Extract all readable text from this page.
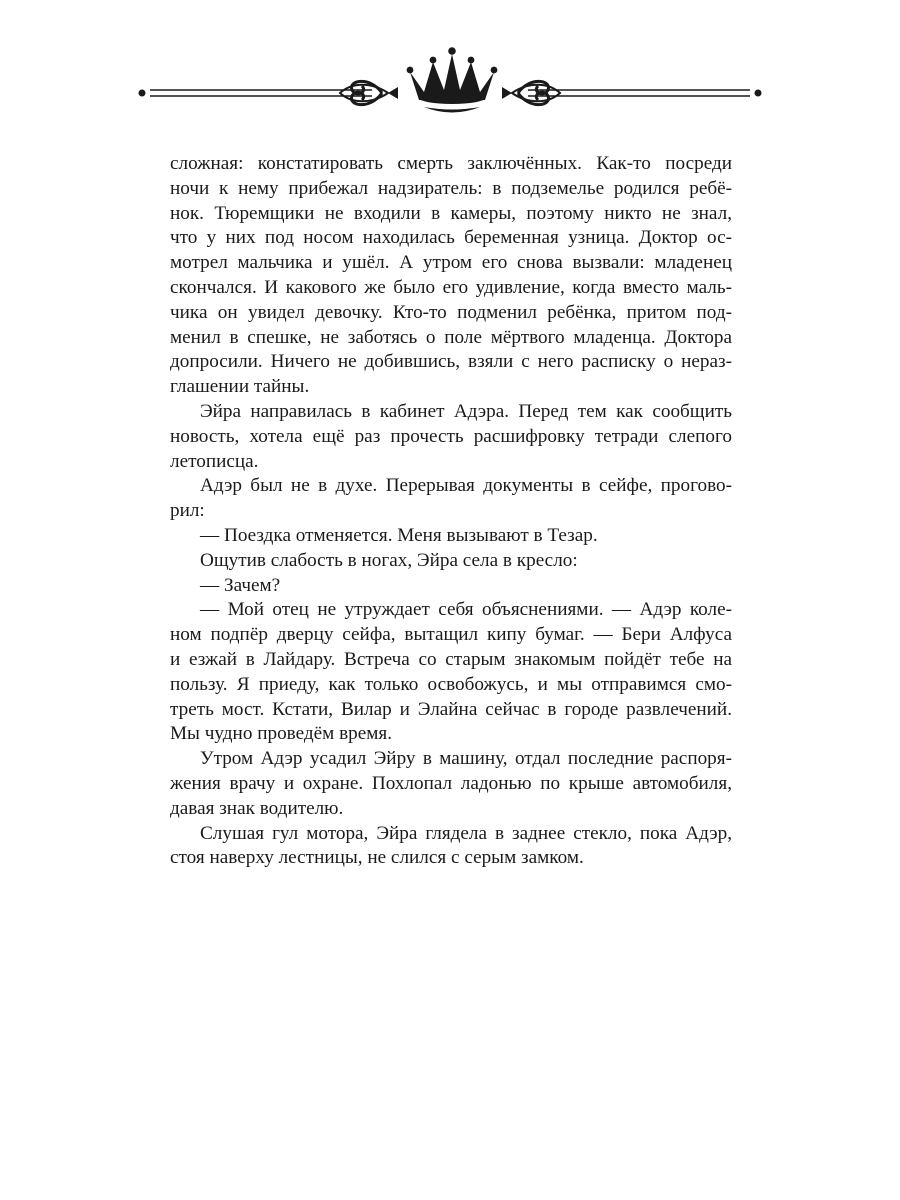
сложная: констатировать смерть заключённых. Как-то посреди
ночи к нему прибежал надзиратель: в подземелье родился ребё-
нок. Тюремщики не входили в камеры, поэтому никто не знал,
что у них под носом находилась беременная узница. Доктор ос-
мотрел мальчика и ушёл. А утром его снова вызвали: младенец
скончался. И какового же было его удивление, когда вместо маль-
чика он увидел девочку. Кто-то подменил ребёнка, притом под-
менил в спешке, не заботясь о поле мёртвого младенца. Доктора
допросили. Ничего не добившись, взяли с него расписку о нераз-
глашении тайны.
Эйра направилась в кабинет Адэра. Перед тем как сообщить
новость, хотела ещё раз прочесть расшифровку тетради слепого
летописца.
Адэр был не в духе. Перерывая документы в сейфе, прогово-
рил:
— Поездка отменяется. Меня вызывают в Тезар.
Ощутив слабость в ногах, Эйра села в кресло:
— Зачем?
— Мой отец не утруждает себя объяснениями. — Адэр коле-
ном подпёр дверцу сейфа, вытащил кипу бумаг. — Бери Алфуса
и езжай в Лайдару. Встреча со старым знакомым пойдёт тебе на
пользу. Я приеду, как только освобожусь, и мы отправимся смо-
треть мост. Кстати, Вилар и Элайна сейчас в городе развлечений.
Мы чудно проведём время.
Утром Адэр усадил Эйру в машину, отдал последние распоря-
жения врачу и охране. Похлопал ладонью по крыше автомобиля,
давая знак водителю.
Слушая гул мотора, Эйра глядела в заднее стекло, пока Адэр,
стоя наверху лестницы, не слился с серым замком.
